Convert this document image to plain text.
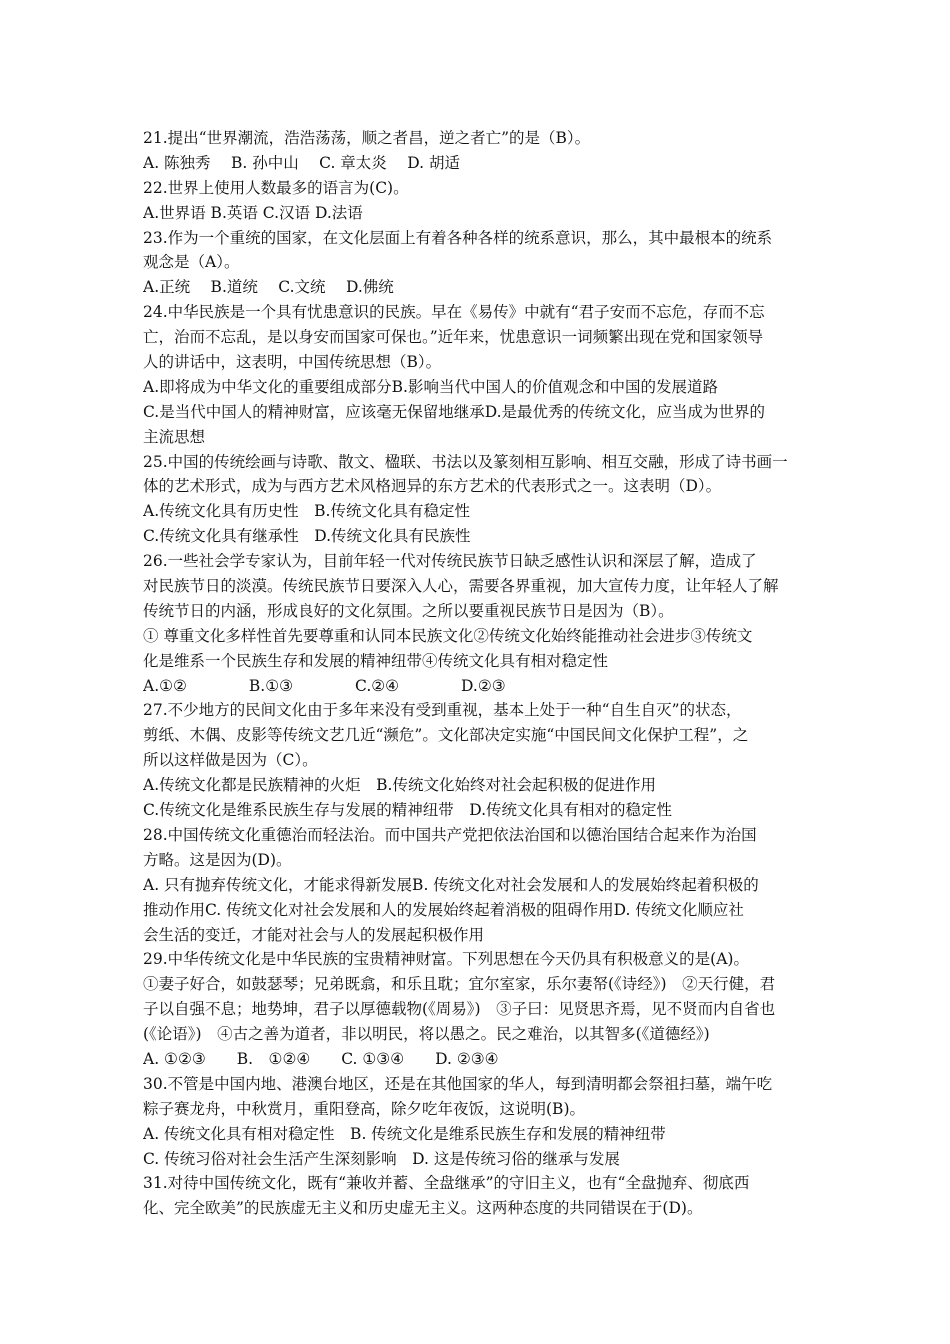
21.提出“世界潮流，浩浩荡荡，顺之者昌，逆之者亡”的是（B）。
A. 陈独秀　 B. 孙中山　 C. 章太炎　 D. 胡适
22.世界上使用人数最多的语言为(C)。
A.世界语 B.英语 C.汉语 D.法语
23.作为一个重统的国家，在文化层面上有着各种各样的统系意识，那么，其中最根本的统系
观念是（A）。
A.正统　 B.道统　 C.文统　 D.佛统
24.中华民族是一个具有忧患意识的民族。早在《易传》中就有“君子安而不忘危，存而不忘
亡，治而不忘乱，是以身安而国家可保也。”近年来，忧患意识一词频繁出现在党和国家领导
人的讲话中，这表明，中国传统思想（B）。
A.即将成为中华文化的重要组成部分B.影响当代中国人的价值观念和中国的发展道路
C.是当代中国人的精神财富，应该毫无保留地继承D.是最优秀的传统文化，应当成为世界的
主流思想
25.中国的传统绘画与诗歌、散文、楹联、书法以及篆刻相互影响、相互交融，形成了诗书画一
体的艺术形式，成为与西方艺术风格迥异的东方艺术的代表形式之一。这表明（D）。
A.传统文化具有历史性　B.传统文化具有稳定性
C.传统文化具有继承性　D.传统文化具有民族性
26.一些社会学专家认为，目前年轻一代对传统民族节日缺乏感性认识和深层了解，造成了
对民族节日的淡漠。传统民族节日要深入人心，需要各界重视，加大宣传力度，让年轻人了解
传统节日的内涵，形成良好的文化氛围。之所以要重视民族节日是因为（B）。
① 尊重文化多样性首先要尊重和认同本民族文化②传统文化始终能推动社会进步③传统文
化是维系一个民族生存和发展的精神纽带④传统文化具有相对稳定性
A.①②　　　　B.①③　　　　C.②④　　　　D.②③
27.不少地方的民间文化由于多年来没有受到重视，基本上处于一种“自生自灭”的状态，
剪纸、木偶、皮影等传统文艺几近“濒危”。文化部决定实施“中国民间文化保护工程”，之
所以这样做是因为（C）。
A.传统文化都是民族精神的火炬　B.传统文化始终对社会起积极的促进作用
C.传统文化是维系民族生存与发展的精神纽带　D.传统文化具有相对的稳定性
28.中国传统文化重德治而轻法治。而中国共产党把依法治国和以德治国结合起来作为治国
方略。这是因为(D)。
A. 只有抛弃传统文化，才能求得新发展B. 传统文化对社会发展和人的发展始终起着积极的
推动作用C. 传统文化对社会发展和人的发展始终起着消极的阻碍作用D. 传统文化顺应社
会生活的变迁，才能对社会与人的发展起积极作用
29.中华传统文化是中华民族的宝贵精神财富。下列思想在今天仍具有积极意义的是(A)。
①妻子好合，如鼓瑟琴；兄弟既翕，和乐且耽；宜尔室家，乐尔妻帑(《诗经》)　②天行健，君
子以自强不息；地势坤，君子以厚德载物(《周易》)　③子曰：见贤思齐焉，见不贤而内自省也
(《论语》)　④古之善为道者，非以明民，将以愚之。民之难治，以其智多(《道德经》)
A. ①②③　　B.　①②④　　C. ①③④　　D. ②③④
30.不管是中国内地、港澳台地区，还是在其他国家的华人，每到清明都会祭祖扫墓，端午吃
粽子赛龙舟，中秋赏月，重阳登高，除夕吃年夜饭，这说明(B)。
A. 传统文化具有相对稳定性　B. 传统文化是维系民族生存和发展的精神纽带
C. 传统习俗对社会生活产生深刻影响　D. 这是传统习俗的继承与发展
31.对待中国传统文化，既有“兼收并蓄、全盘继承”的守旧主义，也有“全盘抛弃、彻底西
化、完全欧美”的民族虚无主义和历史虚无主义。这两种态度的共同错误在于(D)。
